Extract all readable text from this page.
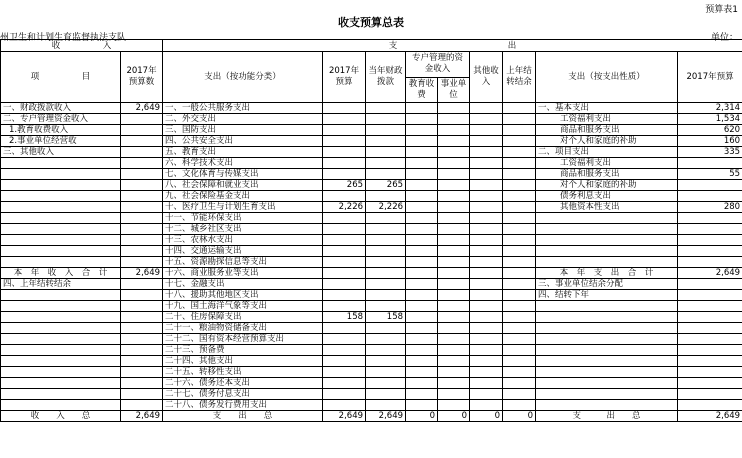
预算表1
收支预算总表
州卫生和计划生育监督执法支队	单位：
收　　　　　入		支　　　　　　　　　　　　　出								
项　　　　　目	2017年预算数	支出（按功能分类）	2017年预算	当年财政拨款	专户管理的资金收入		其他收入	上年结转结余	支出（按支出性质）	2017年预算
					教育收费	事业单位				
一、财政拨款收入	2,649	一、一般公共服务支出							一、基本支出	2,314
二、专户管理资金收入		二、外交支出							工资福利支出	1,534
1.教育收费收入		三、国防支出							商品和服务支出	620
2.事业单位经营收		四、公共安全支出							对个人和家庭的补助	160
三、其他收入		五、教育支出							二、项目支出	335
		六、科学技术支出							工资福利支出	
		七、文化体育与传媒支出							商品和服务支出	55
		八、社会保障和就业支出	265	265					对个人和家庭的补助	
		九、社会保险基金支出							债务利息支出	
		十、医疗卫生与计划生育支出	2,226	2,226					其他资本性支出	280
		十一、节能环保支出								
		十二、城乡社区支出								
		十三、农林水支出								
		十四、交通运输支出								
		十五、资源勘探信息等支出								
本　年　收　入　合　计	2,649	十六、商业服务业等支出							本　年　支　出　合　计	2,649
四、上年结转结余		十七、金融支出							三、事业单位结余分配	
		十八、援助其他地区支出							四、结转下年	
		十九、国土海洋气象等支出								
		二十、住房保障支出	158	158						
		二十一、粮油物资储备支出								
		二十二、国有资本经营预算支出								
		二十三、预备费								
		二十四、其他支出								
		二十五、转移性支出								
		二十六、债务还本支出								
		二十七、债务付息支出								
		二十八、债务发行费用支出								
收　　入　　总	2,649	支　　出　　总	2,649	2,649	0	0	0	0	支　　　出　　总	2,649
